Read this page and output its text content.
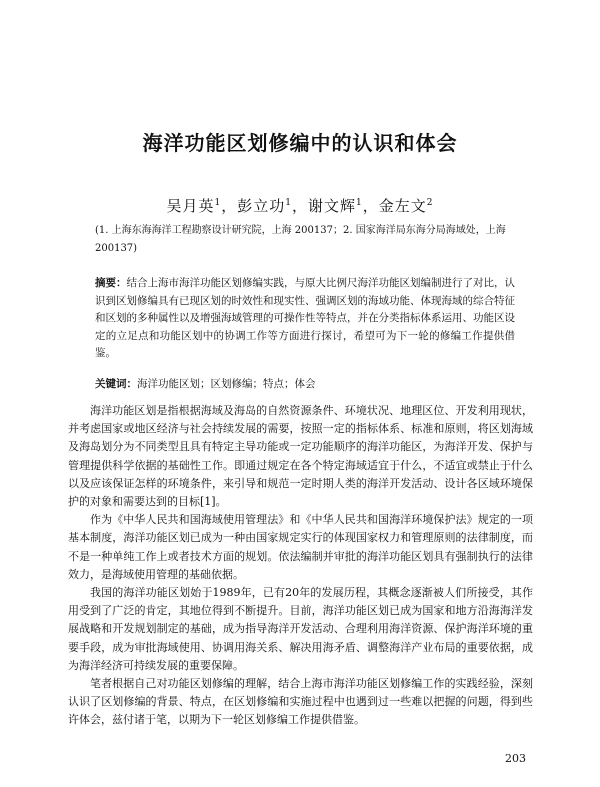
海洋功能区划修编中的认识和体会
吴月英$^1$，彭立功$^1$，谢文辉$^1$，金左文$^2$
(1. 上海东海海洋工程勘察设计研究院，上海 200137；2. 国家海洋局东海分局海域处，上海 200137)
摘要：结合上海市海洋功能区划修编实践，与原大比例尺海洋功能区划编制进行了对比，认识到区划修编具有已现区划的时效性和现实性、强调区划的海域功能、体现海域的综合特征和区划的多种属性以及增强海域管理的可操作性等特点，并在分类指标体系运用、功能区设定的立足点和功能区划中的协调工作等方面进行探讨，希望可为下一轮的修编工作提供借鉴。
关键词：海洋功能区划；区划修编；特点；体会

海洋功能区划是指根据海域及海岛的自然资源条件、环境状况、地理区位、开发利用现状，并考虑国家或地区经济与社会持续发展的需要，按照一定的指标体系、标准和原则，将区划海域及海岛划分为不同类型且具有特定主导功能或一定功能顺序的海洋功能区，为海洋开发、保护与管理提供科学依据的基础性工作。即通过规定在各个特定海域适宜于什么，不适宜或禁止于什么以及应该保证怎样的环境条件，来引导和规范一定时期人类的海洋开发活动、设计各区域环境保护的对象和需要达到的目标[1]。

作为《中华人民共和国海域使用管理法》和《中华人民共和国海洋环境保护法》规定的一项基本制度，海洋功能区划已成为一种由国家规定实行的体现国家权力和管理原则的法律制度，而不是一种单纯工作上或者技术方面的规划。依法编制并审批的海洋功能区划具有强制执行的法律效力，是海域使用管理的基础依据。

我国的海洋功能区划始于1989年，已有20年的发展历程，其概念逐渐被人们所接受，其作用受到了广泛的肯定，其地位得到不断提升。目前，海洋功能区划已成为国家和地方沿海海洋发展战略和开发规划制定的基础，成为指导海洋开发活动、合理利用海洋资源、保护海洋环境的重要手段，成为审批海域使用、协调用海关系、解决用海矛盾、调整海洋产业布局的重要依据，成为海洋经济可持续发展的重要保障。

笔者根据自己对功能区划修编的理解，结合上海市海洋功能区划修编工作的实践经验，深刻认识了区划修编的背景、特点，在区划修编和实施过程中也遇到过一些难以把握的问题，得到些许体会，兹付诸于笔，以期为下一轮区划修编工作提供借鉴。

203
